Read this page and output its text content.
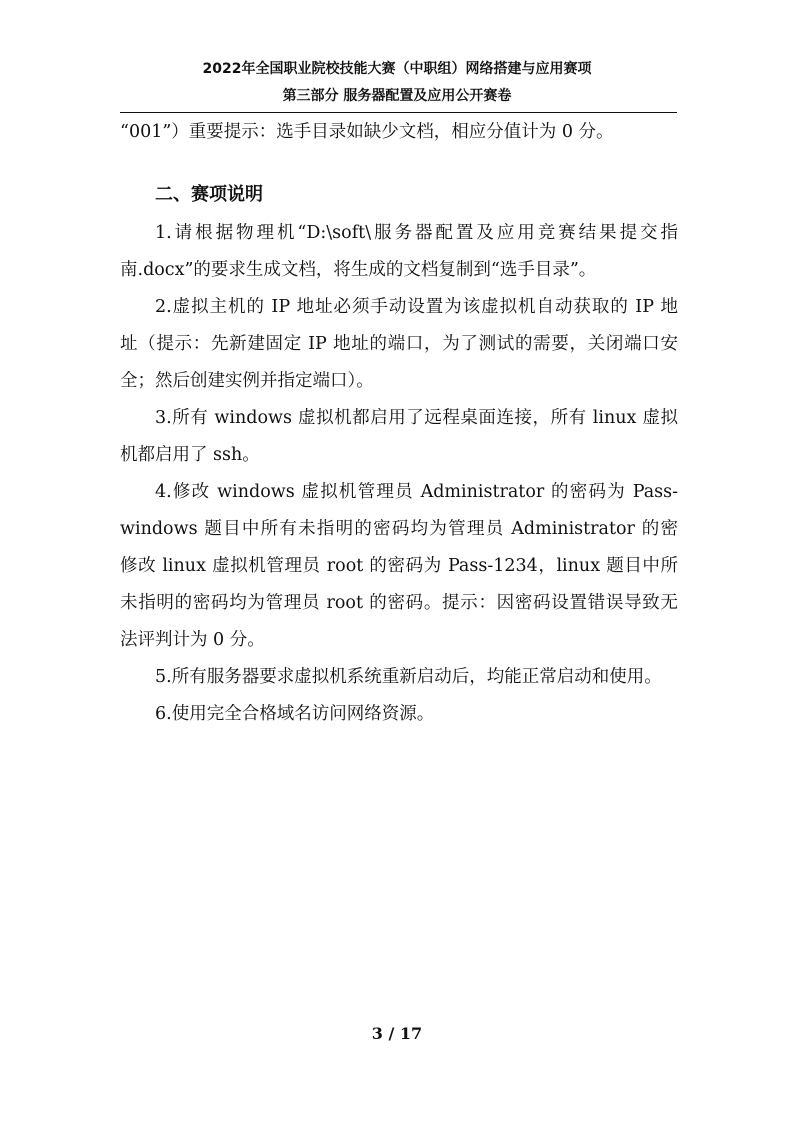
2022年全国职业院校技能大赛（中职组）网络搭建与应用赛项
第三部分 服务器配置及应用公开赛卷
“001”）重要提示：选手目录如缺少文档，相应分值计为 0 分。
二、赛项说明
1.请根据物理机“D:\soft\服务器配置及应用竞赛结果提交指
南.docx”的要求生成文档，将生成的文档复制到“选手目录”。
2.虚拟主机的 IP 地址必须手动设置为该虚拟机自动获取的 IP 地
址（提示：先新建固定 IP 地址的端口，为了测试的需要，关闭端口安
全；然后创建实例并指定端口）。
3.所有 windows 虚拟机都启用了远程桌面连接，所有 linux 虚拟
机都启用了 ssh。
4.修改 windows 虚拟机管理员 Administrator 的密码为 Pass-
windows 题目中所有未指明的密码均为管理员 Administrator 的密
修改 linux 虚拟机管理员 root 的密码为 Pass-1234，linux 题目中所
未指明的密码均为管理员 root 的密码。提示：因密码设置错误导致无
法评判计为 0 分。
5.所有服务器要求虚拟机系统重新启动后，均能正常启动和使用。
6.使用完全合格域名访问网络资源。
3 / 17
